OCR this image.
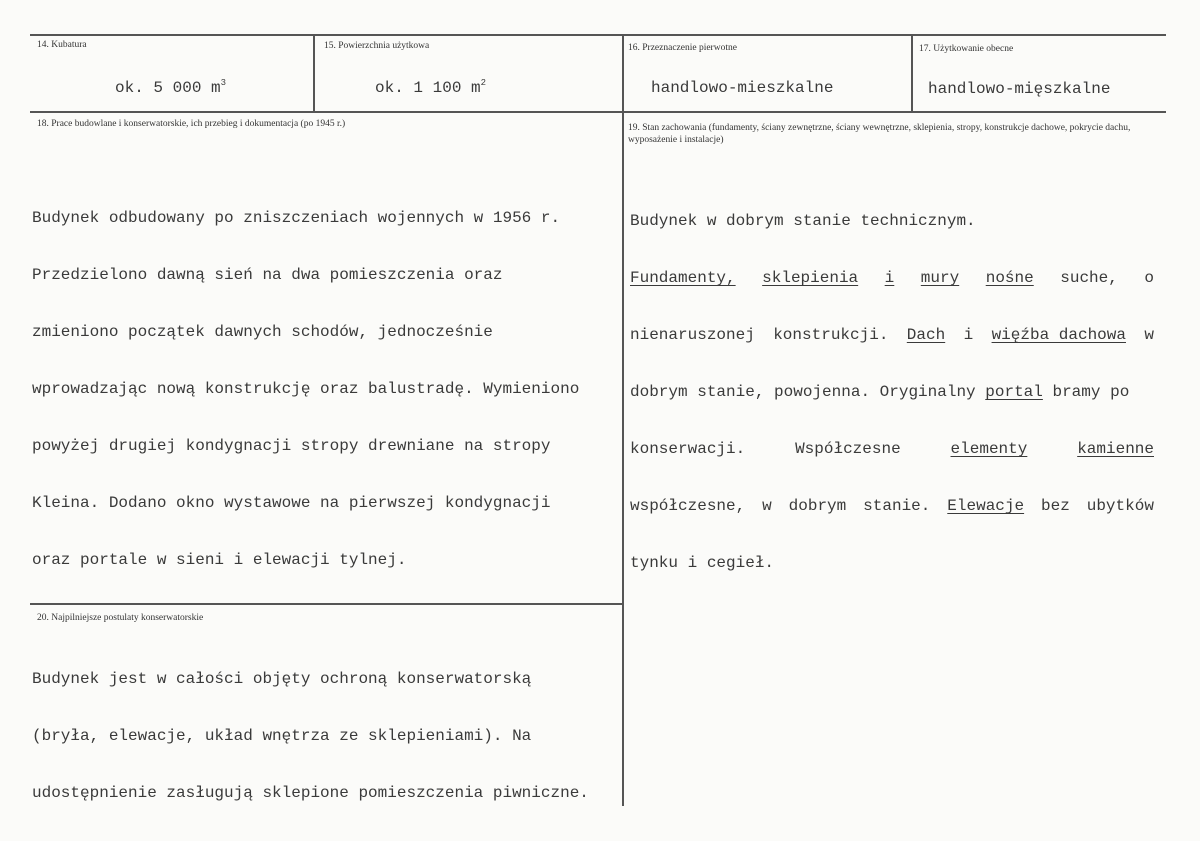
14. Kubatura
ok. 5 000 $m^3$
15. Powierzchnia użytkowa
ok. 1 100 $m^2$
16. Przeznaczenie pierwotne
handlowo-mieszkalne
17. Użytkowanie obecne
handlowo-mięszkalne
18. Prace budowlane i konserwatorskie, ich przebieg i dokumentacja (po 1945 r.)

Budynek odbudowany po zniszczeniach wojennych w 1956 r.

Przedzielono dawną sień na dwa pomieszczenia oraz

zmieniono początek dawnych schodów, jednocześnie

wprowadzając nową konstrukcję oraz balustradę. Wymieniono

powyżej drugiej kondygnacji stropy drewniane na stropy

Kleina. Dodano okno wystawowe na pierwszej kondygnacji

oraz portale w sieni i elewacji tylnej.

19. Stan zachowania (fundamenty, ściany zewnętrzne, ściany wewnętrzne, sklepienia, stropy, konstrukcje dachowe, pokrycie dachu, wyposażenie i instalacje)

Budynek w dobrym stanie technicznym.

Fundamenty, sklepienia i mury nośne suche, o

nienaruszonej konstrukcji. Dach i więźba dachowa w

dobrym stanie, powojenna. Oryginalny portal bramy po

konserwacji.	Współczesne	elementy	kamienne

współczesne, w dobrym stanie. Elewacje bez ubytków

tynku i cegieł.

20. Najpilniejsze postulaty konserwatorskie

Budynek jest w całości objęty ochroną konserwatorską

(bryła, elewacje, układ wnętrza ze sklepieniami). Na

udostępnienie zasługują sklepione pomieszczenia piwniczne.
